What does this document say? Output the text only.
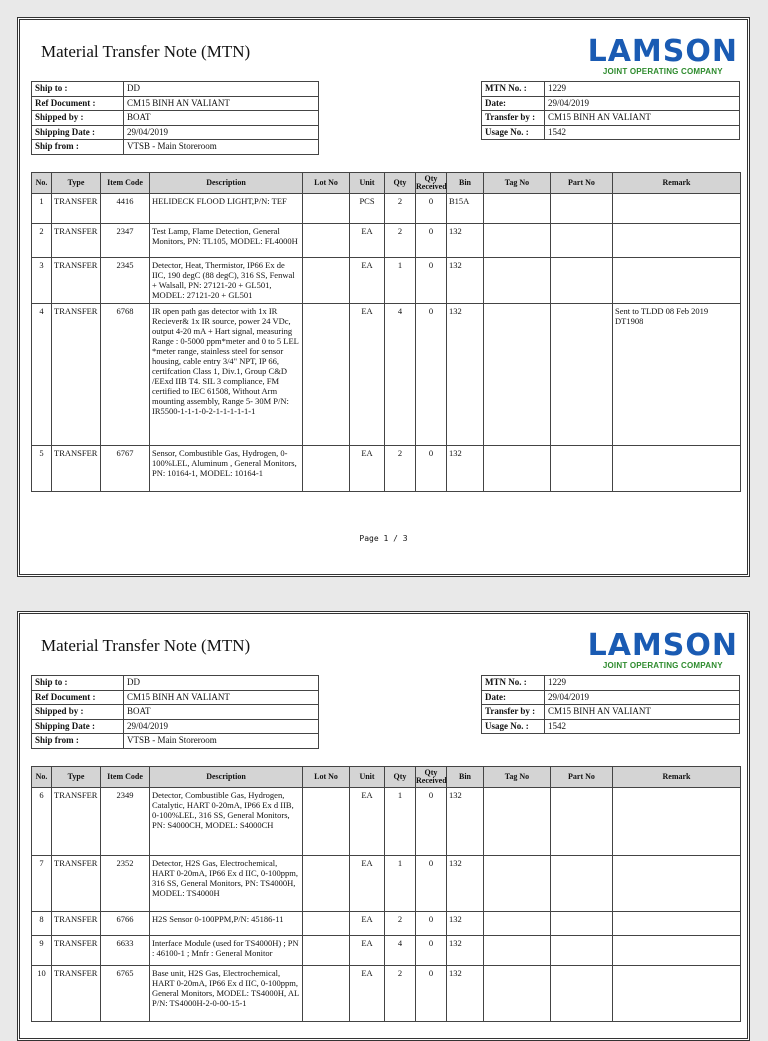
Material Transfer Note (MTN)	LAMSON
JOINT OPERATING COMPANY
Ship to :	DD
Ref Document :	CM15 BINH AN VALIANT
Shipped by :	BOAT
Shipping Date :	29/04/2019
Ship from :	VTSB - Main Storeroom
MTN No. :	1229
Date:	29/04/2019
Transfer by :	CM15 BINH AN VALIANT
Usage No. :	1542
No.	Type	Item Code	Description	Lot No	Unit	Qty	Qty Received	Bin	Tag No	Part No	Remark
1	TRANSFER	4416	HELIDECK FLOOD LIGHT,P/N: TEF		PCS	2	0	B15A			
2	TRANSFER	2347	Test Lamp, Flame Detection, General Monitors, PN: TL105, MODEL: FL4000H		EA	2	0	132			
3	TRANSFER	2345	Detector, Heat, Thermistor, IP66 Ex de IIC, 190 degC (88 degC), 316 SS, Fenwal + Walsall, PN: 27121-20 + GL501, MODEL: 27121-20 + GL501		EA	1	0	132			
4	TRANSFER	6768	IR open path gas detector with 1x IR Reciever& 1x IR source, power 24 VDc, output 4-20 mA + Hart signal, measuring Range : 0-5000 ppm*meter and 0 to 5 LEL *meter range, stainless steel for sensor housing, cable entry 3/4" NPT, IP 66, certifcation Class 1, Div.1, Group C&D /EExd IIB T4. SIL 3 compliance, FM certified to IEC 61508, Without Arm mounting assembly, Range 5- 30M P/N: IR5500-1-1-1-0-2-1-1-1-1-1-1		EA	4	0	132			Sent to TLDD 08 Feb 2019 DT1908
5	TRANSFER	6767	Sensor, Combustible Gas, Hydrogen, 0-100%LEL, Aluminum , General Monitors, PN: 10164-1, MODEL: 10164-1		EA	2	0	132			
Page 1 / 3
Material Transfer Note (MTN)	LAMSON
JOINT OPERATING COMPANY
Ship to :	DD
Ref Document :	CM15 BINH AN VALIANT
Shipped by :	BOAT
Shipping Date :	29/04/2019
Ship from :	VTSB - Main Storeroom
MTN No. :	1229
Date:	29/04/2019
Transfer by :	CM15 BINH AN VALIANT
Usage No. :	1542
No.	Type	Item Code	Description	Lot No	Unit	Qty	Qty Received	Bin	Tag No	Part No	Remark
6	TRANSFER	2349	Detector, Combustible Gas, Hydrogen, Catalytic, HART 0-20mA, IP66 Ex d IIB, 0-100%LEL, 316 SS, General Monitors, PN: S4000CH, MODEL: S4000CH		EA	1	0	132			
7	TRANSFER	2352	Detector, H2S Gas, Electrochemical, HART 0-20mA, IP66 Ex d IIC, 0-100ppm, 316 SS, General Monitors, PN: TS4000H, MODEL: TS4000H		EA	1	0	132			
8	TRANSFER	6766	H2S Sensor 0-100PPM,P/N: 45186-11		EA	2	0	132			
9	TRANSFER	6633	Interface Module (used for TS4000H) ; PN : 46100-1 ; Mnfr : General Monitor		EA	4	0	132			
10	TRANSFER	6765	Base unit, H2S Gas, Electrochemical, HART 0-20mA, IP66 Ex d IIC, 0-100ppm, General Monitors, MODEL: TS4000H, AL P/N: TS4000H-2-0-00-15-1		EA	2	0	132			
